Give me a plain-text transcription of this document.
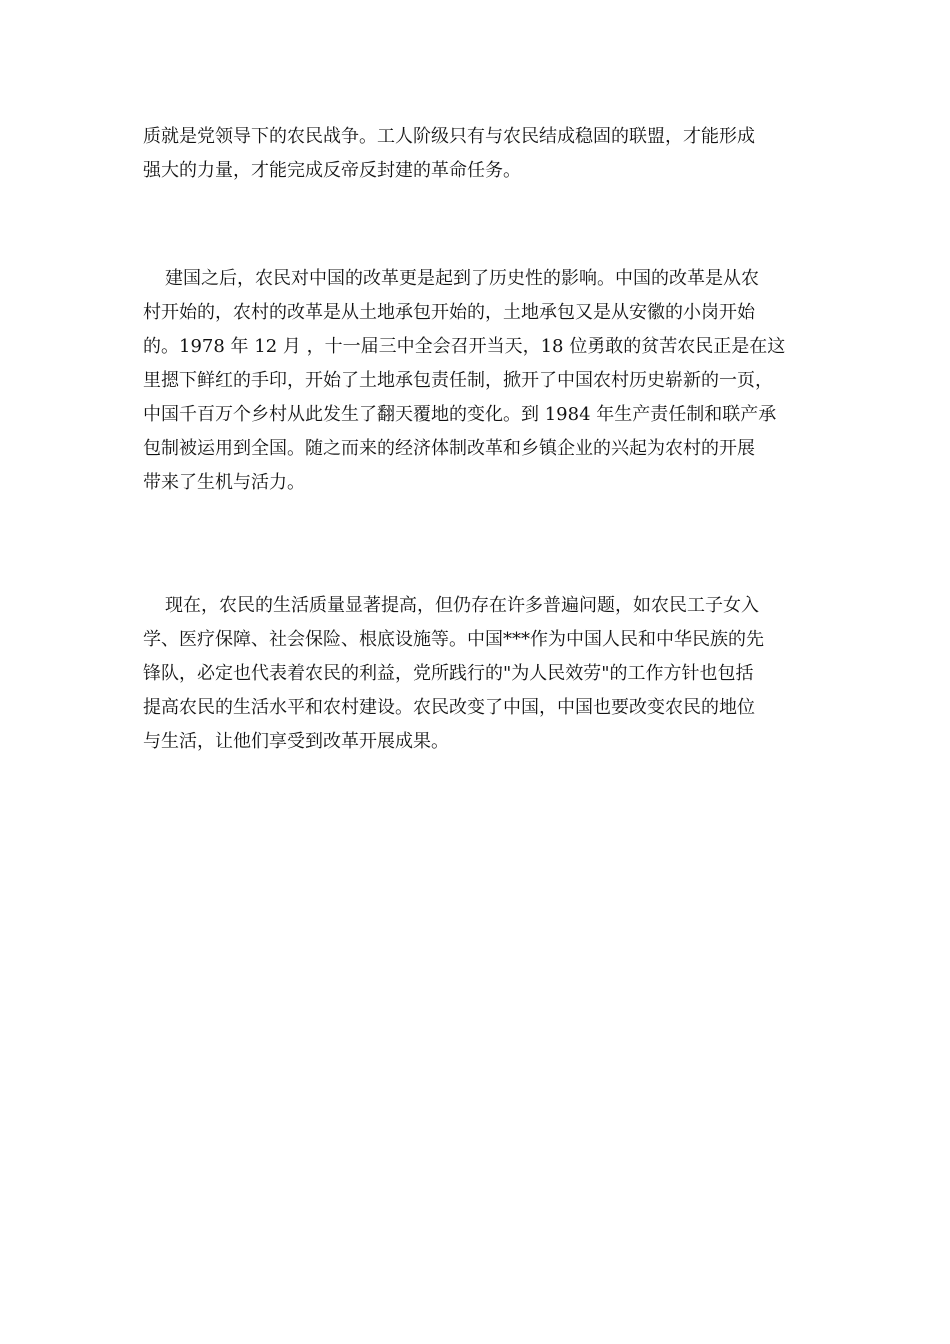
质就是党领导下的农民战争。工人阶级只有与农民结成稳固的联盟，才能形成
强大的力量，才能完成反帝反封建的革命任务。
建国之后，农民对中国的改革更是起到了历史性的影响。中国的改革是从农
村开始的，农村的改革是从土地承包开始的，土地承包又是从安徽的小岗开始
的。1978 年 12 月 ，十一届三中全会召开当天，18 位勇敢的贫苦农民正是在这
里摁下鲜红的手印，开始了土地承包责任制，掀开了中国农村历史崭新的一页，
中国千百万个乡村从此发生了翻天覆地的变化。到 1984 年生产责任制和联产承
包制被运用到全国。随之而来的经济体制改革和乡镇企业的兴起为农村的开展
带来了生机与活力。
现在，农民的生活质量显著提高，但仍存在许多普遍问题，如农民工子女入
学、医疗保障、社会保险、根底设施等。中国***作为中国人民和中华民族的先
锋队，必定也代表着农民的利益，党所践行的"为人民效劳"的工作方针也包括
提高农民的生活水平和农村建设。农民改变了中国，中国也要改变农民的地位
与生活，让他们享受到改革开展成果。
